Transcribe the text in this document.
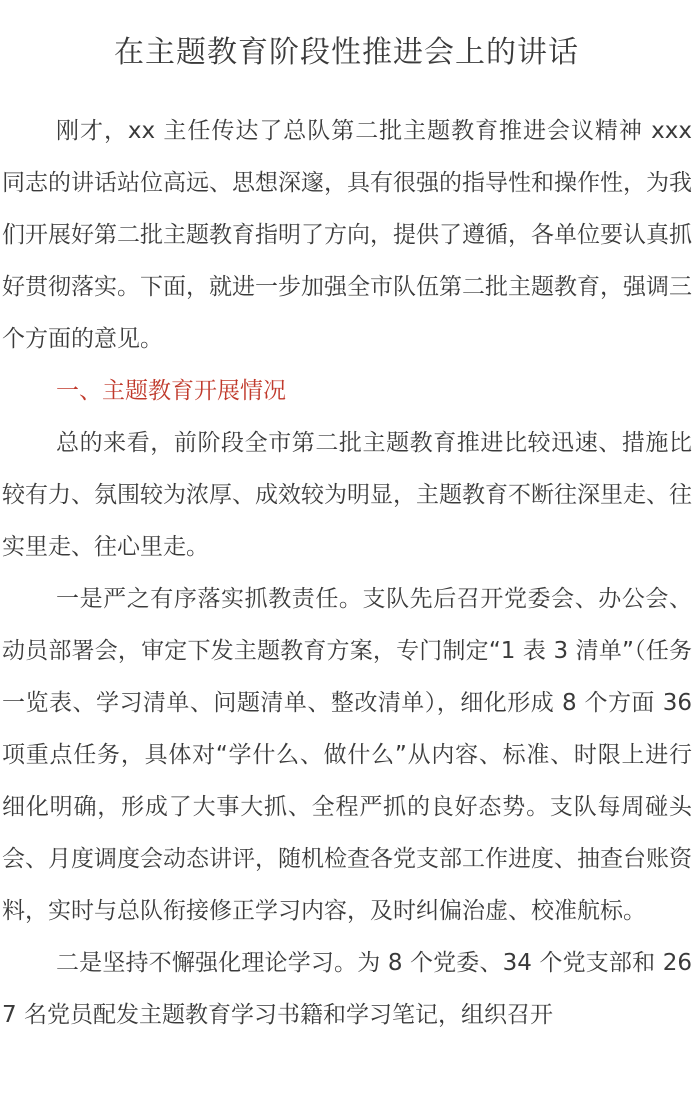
在主题教育阶段性推进会上的讲话

刚才，xx 主任传达了总队第二批主题教育推进会议精神 xxx 同志的讲话站位高远、思想深邃，具有很强的指导性和操作性，为我们开展好第二批主题教育指明了方向，提供了遵循，各单位要认真抓好贯彻落实。下面，就进一步加强全市队伍第二批主题教育，强调三个方面的意见。

一、主题教育开展情况

总的来看，前阶段全市第二批主题教育推进比较迅速、措施比较有力、氛围较为浓厚、成效较为明显，主题教育不断往深里走、往实里走、往心里走。

一是严之有序落实抓教责任。支队先后召开党委会、办公会、动员部署会，审定下发主题教育方案，专门制定“1 表 3 清单”（任务一览表、学习清单、问题清单、整改清单），细化形成 8 个方面 36 项重点任务，具体对“学什么、做什么”从内容、标准、时限上进行细化明确，形成了大事大抓、全程严抓的良好态势。支队每周碰头会、月度调度会动态讲评，随机检查各党支部工作进度、抽查台账资料，实时与总队衔接修正学习内容，及时纠偏治虚、校准航标。

二是坚持不懈强化理论学习。为 8 个党委、34 个党支部和 267 名党员配发主题教育学习书籍和学习笔记，组织召开
